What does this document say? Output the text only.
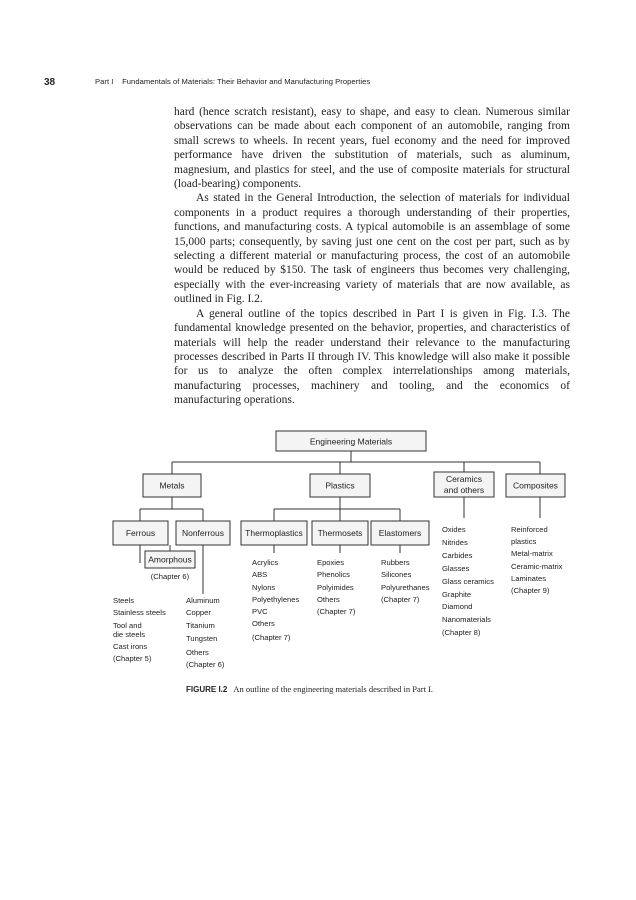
38	Part I    Fundamentals of Materials: Their Behavior and Manufacturing Properties

hard (hence scratch resistant), easy to shape, and easy to clean. Numerous similar observations can be made about each component of an automobile, ranging from small screws to wheels. In recent years, fuel economy and the need for improved performance have driven the substitution of materials, such as aluminum, magnesium, and plastics for steel, and the use of composite materials for structural (load-bearing) components.

As stated in the General Introduction, the selection of materials for individual components in a product requires a thorough understanding of their properties, functions, and manufacturing costs. A typical automobile is an assemblage of some 15,000 parts; consequently, by saving just one cent on the cost per part, such as by selecting a different material or manufacturing process, the cost of an automobile would be reduced by $150. The task of engineers thus becomes very challenging, especially with the ever-increasing variety of materials that are now available, as outlined in Fig. I.2.

A general outline of the topics described in Part I is given in Fig. I.3. The fundamental knowledge presented on the behavior, properties, and characteristics of materials will help the reader understand their relevance to the manufacturing processes described in Parts II through IV. This knowledge will also make it possible for us to analyze the often complex interrelationships among materials, manufacturing processes, machinery and tooling, and the economics of manufacturing operations.

Engineering Materials
Metals	Plastics
Ceramics
and others	Composites
Ferrous	Nonferrous Thermoplastics Thermosets Elastomers
Amorphous
(Chapter 6)
Steels
Stainless steels
Tool and
die steels
Cast irons
(Chapter 5)
Aluminum
Copper
Titanium
Tungsten
Others
(Chapter 6)
Acrylics
ABS
Nylons
Polyethylenes
PVC
Others
(Chapter 7)
Epoxies
Phenolics
Polyimides
Others
(Chapter 7)
Rubbers
Silicones
Polyurethanes
(Chapter 7)
Oxides
Nitrides
Carbides
Glasses
Glass ceramics
Graphite
Diamond
Nanomaterials
(Chapter 8)
Reinforced
plastics
Metal-matrix
Ceramic-matrix
Laminates
(Chapter 9)
FIGURE I.2 An outline of the engineering materials described in Part I.
